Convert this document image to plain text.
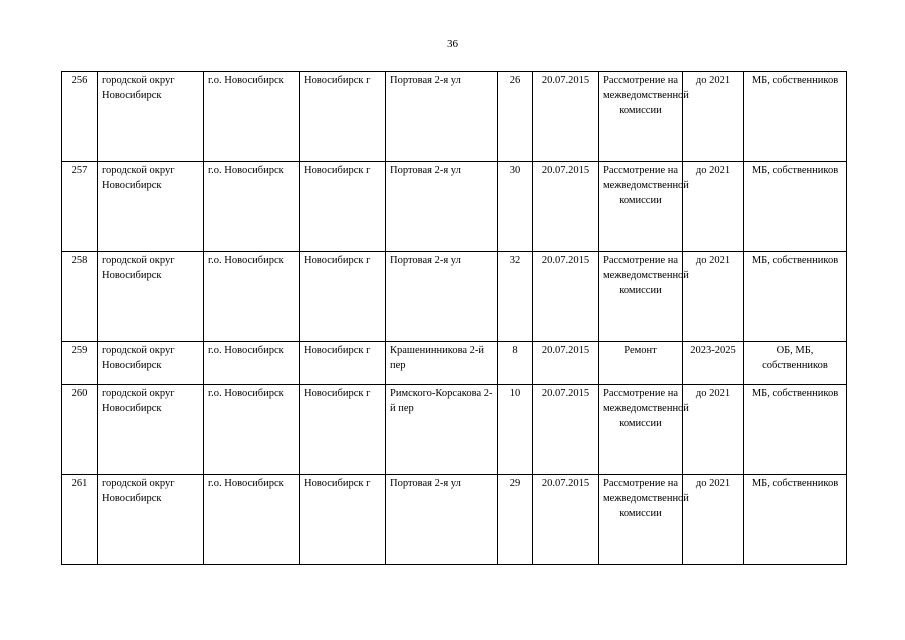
36
256	городской округ Новосибирск	г.о. Новосибирск	Новосибирск г	Портовая 2-я ул	26	20.07.2015	Рассмотрение на межведомственной комиссии	до 2021	МБ, собственников
257	городской округ Новосибирск	г.о. Новосибирск	Новосибирск г	Портовая 2-я ул	30	20.07.2015	Рассмотрение на межведомственной комиссии	до 2021	МБ, собственников
258	городской округ Новосибирск	г.о. Новосибирск	Новосибирск г	Портовая 2-я ул	32	20.07.2015	Рассмотрение на межведомственной комиссии	до 2021	МБ, собственников
259	городской округ Новосибирск	г.о. Новосибирск	Новосибирск г	Крашенинникова 2-й пер	8	20.07.2015	Ремонт	2023-2025	ОБ, МБ, собственников
260	городской округ Новосибирск	г.о. Новосибирск	Новосибирск г	Римского-Корсакова 2-й пер	10	20.07.2015	Рассмотрение на межведомственной комиссии	до 2021	МБ, собственников
261	городской округ Новосибирск	г.о. Новосибирск	Новосибирск г	Портовая 2-я ул	29	20.07.2015	Рассмотрение на межведомственной комиссии	до 2021	МБ, собственников
